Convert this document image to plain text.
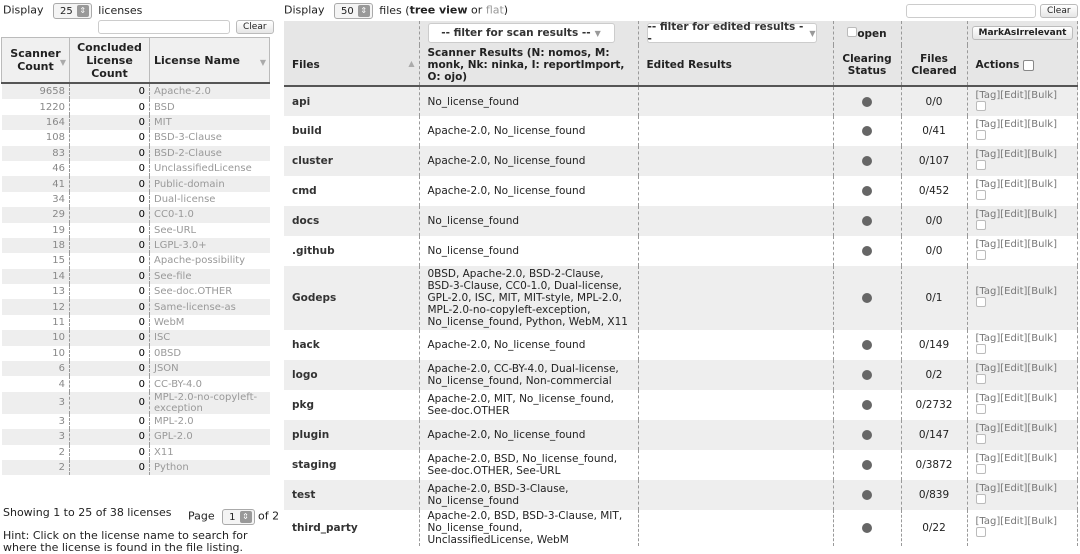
Display	25 ⇕ licenses
Clear
Scanner Count ▼	Concluded License Count	License Name ▼

9658	0	Apache-2.0
1220	0	BSD
164	0	MIT
108	0	BSD-3-Clause
83	0	BSD-2-Clause
46	0	UnclassifiedLicense
41	0	Public-domain
34	0	Dual-license
29	0	CC0-1.0
19	0	See-URL
18	0	LGPL-3.0+
15	0	Apache-possibility
14	0	See-file
13	0	See-doc.OTHER
12	0	Same-license-as
11	0	WebM
10	0	ISC
10	0	0BSD
6	0	JSON
4	0	CC-BY-4.0
3	0	MPL-2.0-no-copyleft-exception
3	0	MPL-2.0
3	0	GPL-2.0
2	0	X11
2	0	Python
Showing 1 to 25 of 38 licenses Page	1 ⇕ of 2
Hint: Click on the license name to search for where the license is found in the file listing.
Display	50 ⇕ files (tree view or flat)	Clear

	-- filter for scan results -- ▼	-- filter for edited results -- ▼	open		MarkAsIrrelevant
Files ▲	Scanner Results (N: nomos, M: monk, Nk: ninka, I: reportImport, O: ojo)	Edited Results	Clearing Status	Files Cleared	Actions
api	No_license_found			0/0	[Tag][Edit][Bulk]

build	Apache-2.0, No_license_found			0/41	[Tag][Edit][Bulk]

cluster	Apache-2.0, No_license_found			0/107	[Tag][Edit][Bulk]

cmd	Apache-2.0, No_license_found			0/452	[Tag][Edit][Bulk]

docs	No_license_found			0/0	[Tag][Edit][Bulk]

.github	No_license_found			0/0	[Tag][Edit][Bulk]

Godeps	0BSD, Apache-2.0, BSD-2-Clause, BSD-3-Clause, CC0-1.0, Dual-license, GPL-2.0, ISC, MIT, MIT-style, MPL-2.0, MPL-2.0-no-copyleft-exception, No_license_found, Python, WebM, X11			0/1	[Tag][Edit][Bulk]

hack	Apache-2.0, No_license_found			0/149	[Tag][Edit][Bulk]

logo	Apache-2.0, CC-BY-4.0, Dual-license, No_license_found, Non-commercial			0/2	[Tag][Edit][Bulk]

pkg	Apache-2.0, MIT, No_license_found, See-doc.OTHER			0/2732	[Tag][Edit][Bulk]

plugin	Apache-2.0, No_license_found			0/147	[Tag][Edit][Bulk]

staging	Apache-2.0, BSD, No_license_found, See-doc.OTHER, See-URL			0/3872	[Tag][Edit][Bulk]

test	Apache-2.0, BSD-3-Clause, No_license_found			0/839	[Tag][Edit][Bulk]

third_party	Apache-2.0, BSD, BSD-3-Clause, MIT, No_license_found, UnclassifiedLicense, WebM			0/22	[Tag][Edit][Bulk]
